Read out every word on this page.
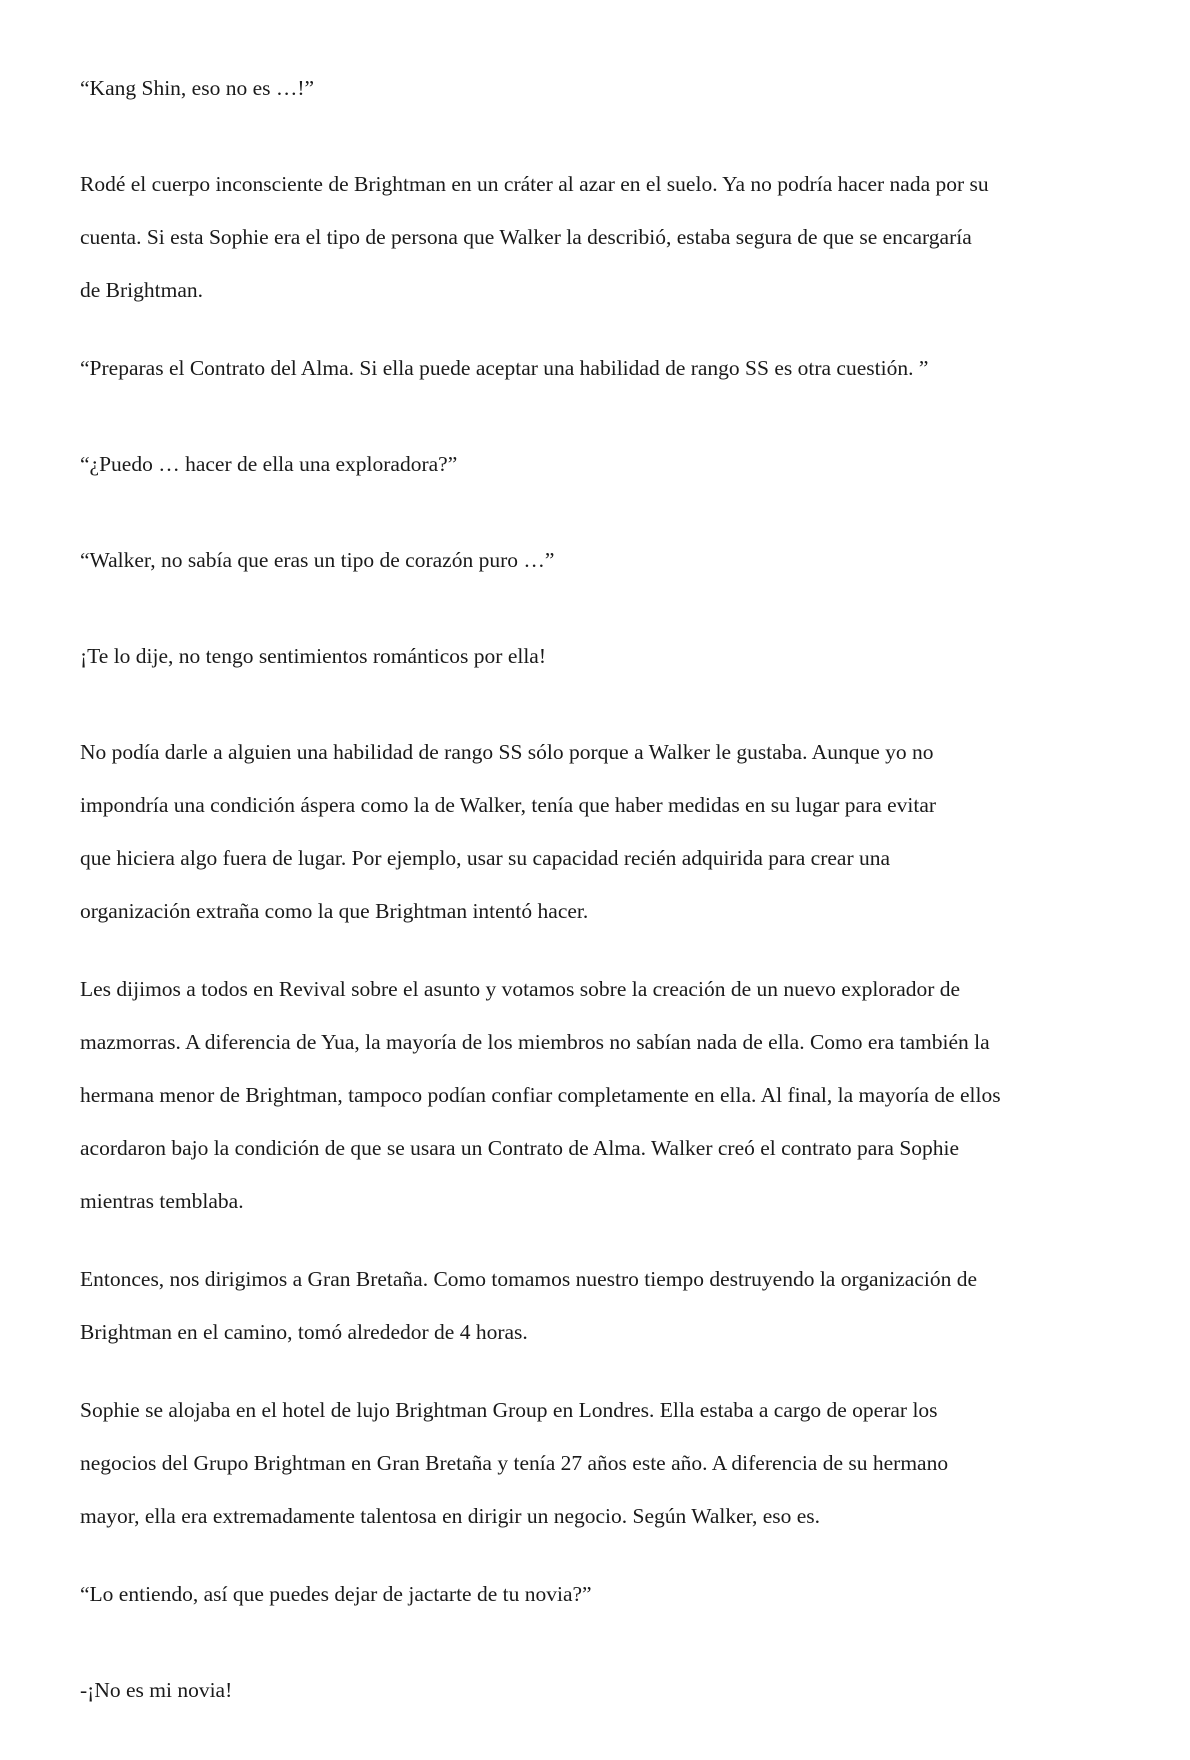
“Kang Shin, eso no es …!”

Rodé el cuerpo inconsciente de Brightman en un cráter al azar en el suelo. Ya no podría hacer nada por su
cuenta. Si esta Sophie era el tipo de persona que Walker la describió, estaba segura de que se encargaría
de Brightman.

“Preparas el Contrato del Alma. Si ella puede aceptar una habilidad de rango SS es otra cuestión. ”

“¿Puedo … hacer de ella una exploradora?”

“Walker, no sabía que eras un tipo de corazón puro …”

¡Te lo dije, no tengo sentimientos románticos por ella!

No podía darle a alguien una habilidad de rango SS sólo porque a Walker le gustaba. Aunque yo no
impondría una condición áspera como la de Walker, tenía que haber medidas en su lugar para evitar
que hiciera algo fuera de lugar. Por ejemplo, usar su capacidad recién adquirida para crear una
organización extraña como la que Brightman intentó hacer.

Les dijimos a todos en Revival sobre el asunto y votamos sobre la creación de un nuevo explorador de
mazmorras. A diferencia de Yua, la mayoría de los miembros no sabían nada de ella. Como era también la
hermana menor de Brightman, tampoco podían confiar completamente en ella. Al final, la mayoría de ellos
acordaron bajo la condición de que se usara un Contrato de Alma. Walker creó el contrato para Sophie
mientras temblaba.

Entonces, nos dirigimos a Gran Bretaña. Como tomamos nuestro tiempo destruyendo la organización de
Brightman en el camino, tomó alrededor de 4 horas.

Sophie se alojaba en el hotel de lujo Brightman Group en Londres. Ella estaba a cargo de operar los
negocios del Grupo Brightman en Gran Bretaña y tenía 27 años este año. A diferencia de su hermano
mayor, ella era extremadamente talentosa en dirigir un negocio. Según Walker, eso es.

“Lo entiendo, así que puedes dejar de jactarte de tu novia?”

-¡No es mi novia!
